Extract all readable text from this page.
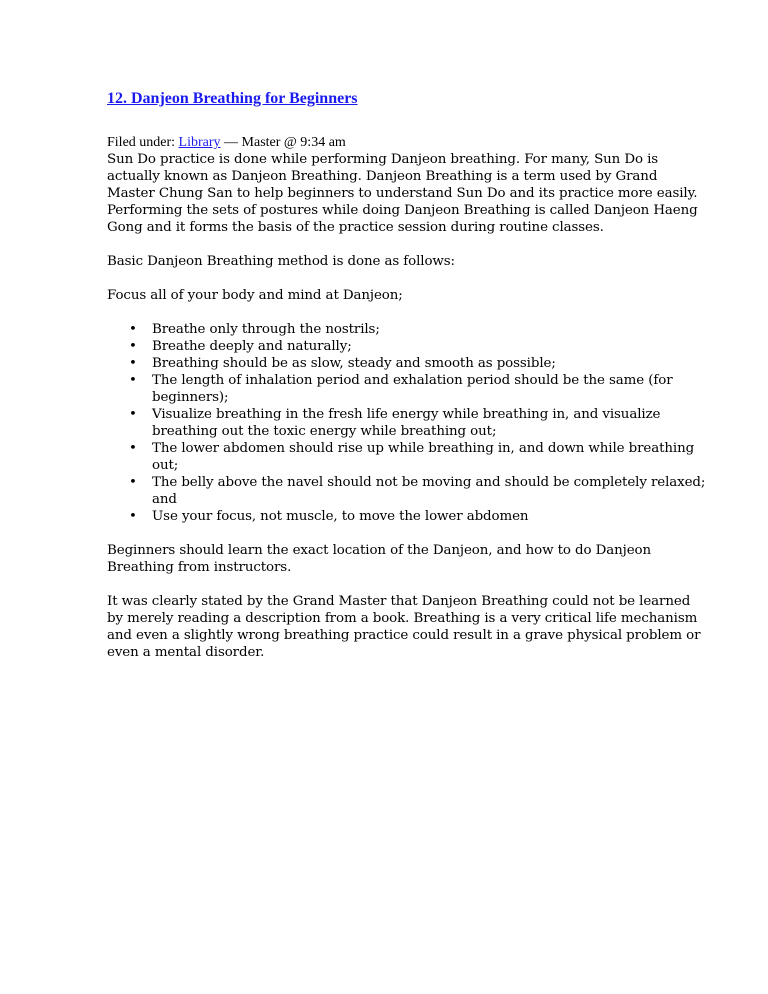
12. Danjeon Breathing for Beginners
Filed under: Library — Master @ 9:34 am

Sun Do practice is done while performing Danjeon breathing. For many, Sun Do is actually known as Danjeon Breathing. Danjeon Breathing is a term used by Grand Master Chung San to help beginners to understand Sun Do and its practice more easily. Performing the sets of postures while doing Danjeon Breathing is called Danjeon Haeng Gong and it forms the basis of the practice session during routine classes.

Basic Danjeon Breathing method is done as follows:

Focus all of your body and mind at Danjeon;

• Breathe only through the nostrils;
• Breathe deeply and naturally;
• Breathing should be as slow, steady and smooth as possible;
• The length of inhalation period and exhalation period should be the same (for beginners);
• Visualize breathing in the fresh life energy while breathing in, and visualize breathing out the toxic energy while breathing out;
• The lower abdomen should rise up while breathing in, and down while breathing out;
• The belly above the navel should not be moving and should be completely relaxed; and
• Use your focus, not muscle, to move the lower abdomen

Beginners should learn the exact location of the Danjeon, and how to do Danjeon Breathing from instructors.

It was clearly stated by the Grand Master that Danjeon Breathing could not be learned by merely reading a description from a book. Breathing is a very critical life mechanism and even a slightly wrong breathing practice could result in a grave physical problem or even a mental disorder.
